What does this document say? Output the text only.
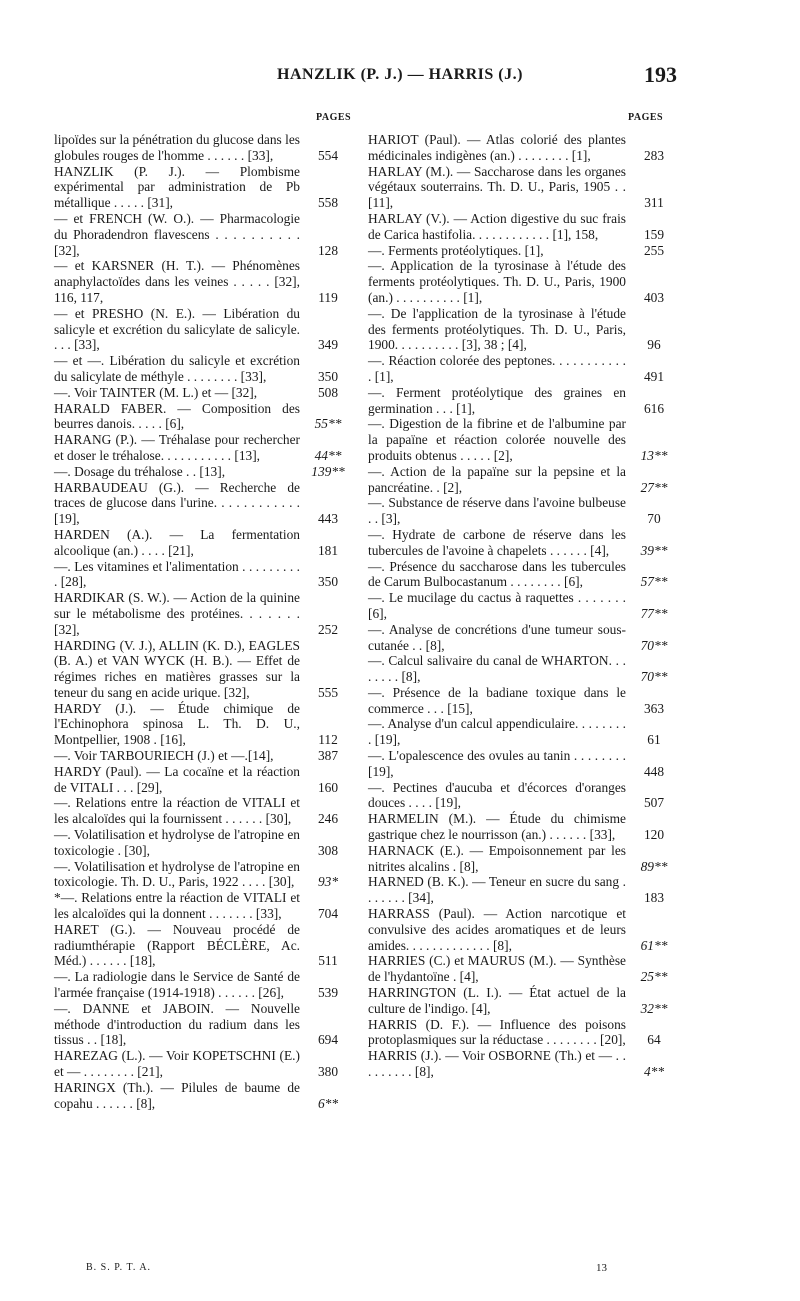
HANZLIK (P. J.) — HARRIS (J.)	193
PAGES
lipoïdes sur la pénétration du glucose dans les globules rouges de l'homme . . . . . . [33],	554
HANZLIK (P. J.). — Plombisme expérimental par administration de Pb métallique . . . . . [31],	558
— et FRENCH (W. O.). — Pharmacologie du Phoradendron flavescens . . . . . . . . . . [32],	128
— et KARSNER (H. T.). — Phénomènes anaphylactoïdes dans les veines . . . . . [32], 116, 117,	119
— et PRESHO (N. E.). — Libération du salicyle et excrétion du salicylate de salicyle. . . . [33],	349
— et —. Libération du salicyle et excrétion du salicylate de méthyle . . . . . . . . [33],	350
—. Voir TAINTER (M. L.) et — [32],	508
HARALD FABER. — Composition des beurres danois. . . . . [6],	55**
HARANG (P.). — Tréhalase pour rechercher et doser le tréhalose. . . . . . . . . . . [13],	44**
—. Dosage du tréhalose . . [13],	139**
HARBAUDEAU (G.). — Recherche de traces de glucose dans l'urine. . . . . . . . . . . . [19],	443
HARDEN (A.). — La fermentation alcoolique (an.) . . . . [21],	181
—. Les vitamines et l'alimentation . . . . . . . . . . [28],	350
HARDIKAR (S. W.). — Action de la quinine sur le métabolisme des protéines. . . . . . . [32],	252
HARDING (V. J.), ALLIN (K. D.), EAGLES (B. A.) et VAN WYCK (H. B.). — Effet de régimes riches en matières grasses sur la teneur du sang en acide urique. [32],	555
HARDY (J.). — Étude chimique de l'Echinophora spinosa L. Th. D. U., Montpellier, 1908 . [16],	112
—. Voir TARBOURIECH (J.) et —.[14],	387
HARDY (Paul). — La cocaïne et la réaction de VITALI . . . [29],	160
—. Relations entre la réaction de VITALI et les alcaloïdes qui la fournissent . . . . . . [30],	246
—. Volatilisation et hydrolyse de l'atropine en toxicologie . [30],	308
—. Volatilisation et hydrolyse de l'atropine en toxicologie. Th. D. U., Paris, 1922 . . . . [30],	93*
*—. Relations entre la réaction de VITALI et les alcaloïdes qui la donnent . . . . . . . [33],	704
HARET (G.). — Nouveau procédé de radiumthérapie (Rapport BÉCLÈRE, Ac. Méd.) . . . . . . [18],	511
—. La radiologie dans le Service de Santé de l'armée française (1914-1918) . . . . . . [26],	539
—. DANNE et JABOIN. — Nouvelle méthode d'introduction du radium dans les tissus . . [18],	694
HAREZAG (L.). — Voir KOPETSCHNI (E.) et — . . . . . . . . [21],	380
HARINGX (Th.). — Pilules de baume de copahu . . . . . . [8],	6**
PAGES
HARIOT (Paul). — Atlas colorié des plantes médicinales indigènes (an.) . . . . . . . . [1],	283
HARLAY (M.). — Saccharose dans les organes végétaux souterrains. Th. D. U., Paris, 1905 . . [11],	311
HARLAY (V.). — Action digestive du suc frais de Carica hastifolia. . . . . . . . . . . . [1], 158,	159
—. Ferments protéolytiques. [1],	255
—. Application de la tyrosinase à l'étude des ferments protéolytiques. Th. D. U., Paris, 1900 (an.) . . . . . . . . . . [1],	403
—. De l'application de la tyrosinase à l'étude des ferments protéolytiques. Th. D. U., Paris, 1900. . . . . . . . . . [3], 38 ; [4],	96
—. Réaction colorée des peptones. . . . . . . . . . . . [1],	491
—. Ferment protéolytique des graines en germination . . . [1],	616
—. Digestion de la fibrine et de l'albumine par la papaïne et réaction colorée nouvelle des produits obtenus . . . . . [2],	13**
—. Action de la papaïne sur la pepsine et la pancréatine. . [2],	27**
—. Substance de réserve dans l'avoine bulbeuse . . [3],	70
—. Hydrate de carbone de réserve dans les tubercules de l'avoine à chapelets . . . . . . [4],	39**
—. Présence du saccharose dans les tubercules de Carum Bulbocastanum . . . . . . . . [6],	57**
—. Le mucilage du cactus à raquettes . . . . . . . [6],	77**
—. Analyse de concrétions d'une tumeur sous-cutanée . . [8],	70**
—. Calcul salivaire du canal de WHARTON. . . . . . . . [8],	70**
—. Présence de la badiane toxique dans le commerce . . . [15],	363
—. Analyse d'un calcul appendiculaire. . . . . . . . . [19],	61
—. L'opalescence des ovules au tanin . . . . . . . . [19],	448
—. Pectines d'aucuba et d'écorces d'oranges douces . . . . [19],	507
HARMELIN (M.). — Étude du chimisme gastrique chez le nourrisson (an.) . . . . . . [33],	120
HARNACK (E.). — Empoisonnement par les nitrites alcalins . [8],	89**
HARNED (B. K.). — Teneur en sucre du sang . . . . . . . [34],	183
HARRASS (Paul). — Action narcotique et convulsive des acides aromatiques et de leurs amides. . . . . . . . . . . . . [8],	61**
HARRIES (C.) et MAURUS (M.). — Synthèse de l'hydantoïne . [4],	25**
HARRINGTON (L. I.). — État actuel de la culture de l'indigo. [4],	32**
HARRIS (D. F.). — Influence des poisons protoplasmiques sur la réductase . . . . . . . . [20],	64
HARRIS (J.). — Voir OSBORNE (Th.) et — . . . . . . . . . [8],	4**
B. S. P. T. A.	13
